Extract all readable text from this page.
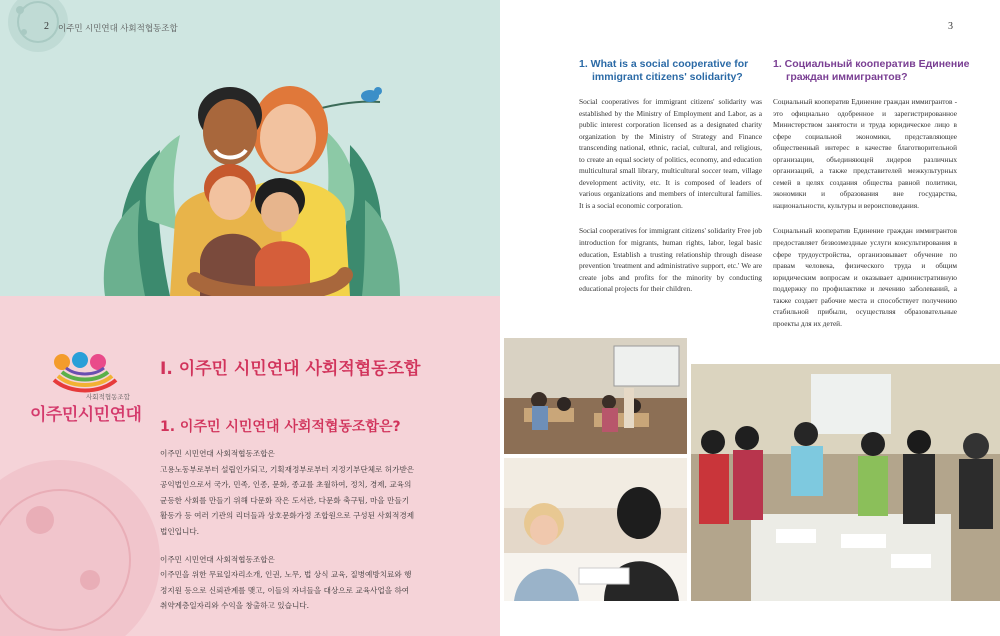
2 이주민 시민연대 사회적협동조합
사회적협동조합
이주민시민연대
I. 이주민 시민연대 사회적협동조합
1. 이주민 시민연대 사회적협동조합은?

이주민 시민연대 사회적협동조합은
고용노동부로부터 설립인가되고, 기획재정부로부터 지정기부단체로 허가받은
공익법인으로서 국가, 민족, 인종, 문화, 종교를 초월하여, 정치, 경제, 교육의
균등한 사회를 만들기 위해 다문화 작은 도서관, 다문화 축구팀, 마을 만들기
활동가 등 여러 기관의 리더들과 상호문화가정 조합원으로 구성된 사회적경제
법인입니다.

이주민 시민연대 사회적협동조합은
이주민을 위한 무료일자리소개, 인권, 노무, 법 상식 교육, 질병예방치료와 행
정지원 등으로 신뢰관계를 맺고, 이들의 자녀들을 대상으로 교육사업을 하여
취약계층일자리와 수익을 창출하고 있습니다.

3
1. What is a social cooperative for
immigrant citizens' solidarity?
1. Социальный кооператив Единение
граждан иммигрантов?

Social cooperatives for immigrant citizens' solidarity was established by the Ministry of Employment and Labor, as a public interest corporation licensed as a designated charity organization by the Ministry of Strategy and Finance transcending national, ethnic, racial, cultural, and religious, to create an equal society of politics, economy, and education multicultural small library, multicultural soccer team, village development activity, etc. It is composed of leaders of various organizations and members of intercultural families. It is a social economic corporation.

Social cooperatives for immigrant citizens' solidarity Free job introduction for migrants, human rights, labor, legal basic education, Establish a trusting relationship through disease prevention 'treatment and administrative support, etc.' We are create jobs and profits for the minority by conducting educational projects for their children.

Социальный кооператив Единение граждан иммигрантов - это официально одобренное и зарегистрированное Министерством занятости и труда юридическое лицо в сфере социальной экономики, представляющее общественный интерес в качестве благотворительной организации, объединяющей лидеров различных организаций, а также представителей межкультурных семей в целях создания общества равной политики, экономики и образования вне государства, национальности, культуры и вероисповедания.

Социальный кооператив Единение граждан иммигрантов предоставляет безвозмездные услуги консультирования в сфере трудоустройства, организовывает обучение по правам человека, физического труда и общим юридическим вопросам и оказывает административную поддержку по профилактике и лечению заболеваний, а также создает рабочие места и способствует получению стабильной прибыли, осуществляя образовательные проекты для их детей.
